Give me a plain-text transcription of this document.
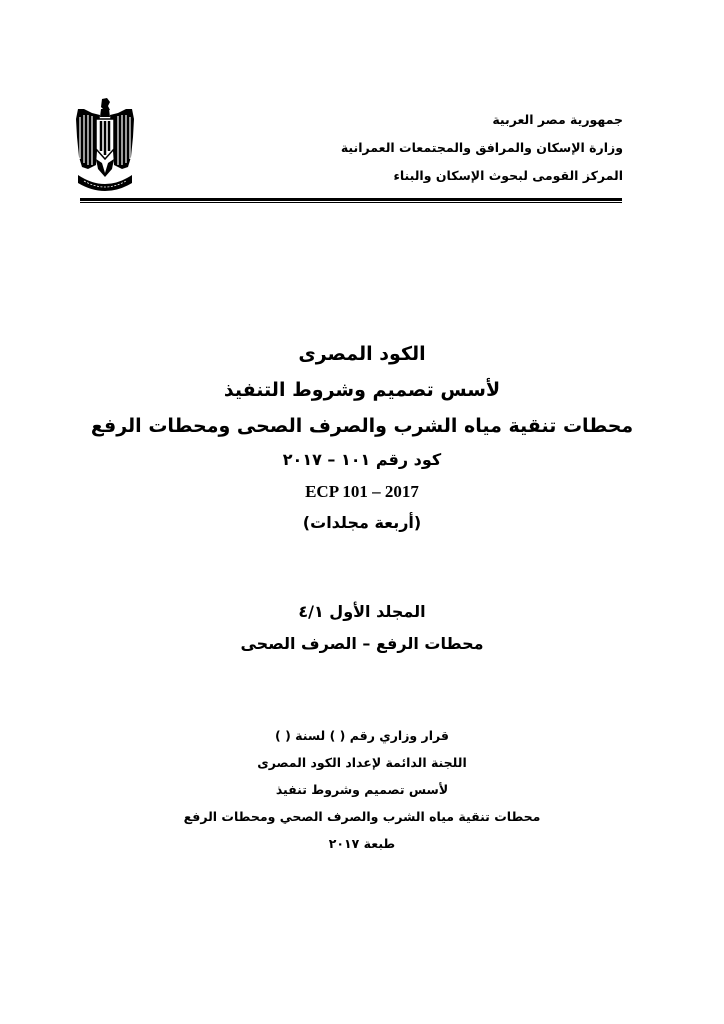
جمهورية مصر العربية
وزارة الإسكان والمرافق والمجتمعات العمرانية
المركز القومى لبحوث الإسكان والبناء
الكود المصرى
لأسس تصميم وشروط التنفيذ
محطات تنقية مياه الشرب والصرف الصحى ومحطات الرفع
كود رقم ١٠١ – ٢٠١٧
ECP 101 – 2017
(أربعة مجلدات)
المجلد الأول ٤/١
محطات الرفع – الصرف الصحى
قرار وزاري رقم ( ) لسنة ( )
اللجنة الدائمة لإعداد الكود المصرى
لأسس تصميم وشروط تنفيذ
محطات تنقية مياه الشرب والصرف الصحي ومحطات الرفع
طبعة ٢٠١٧
